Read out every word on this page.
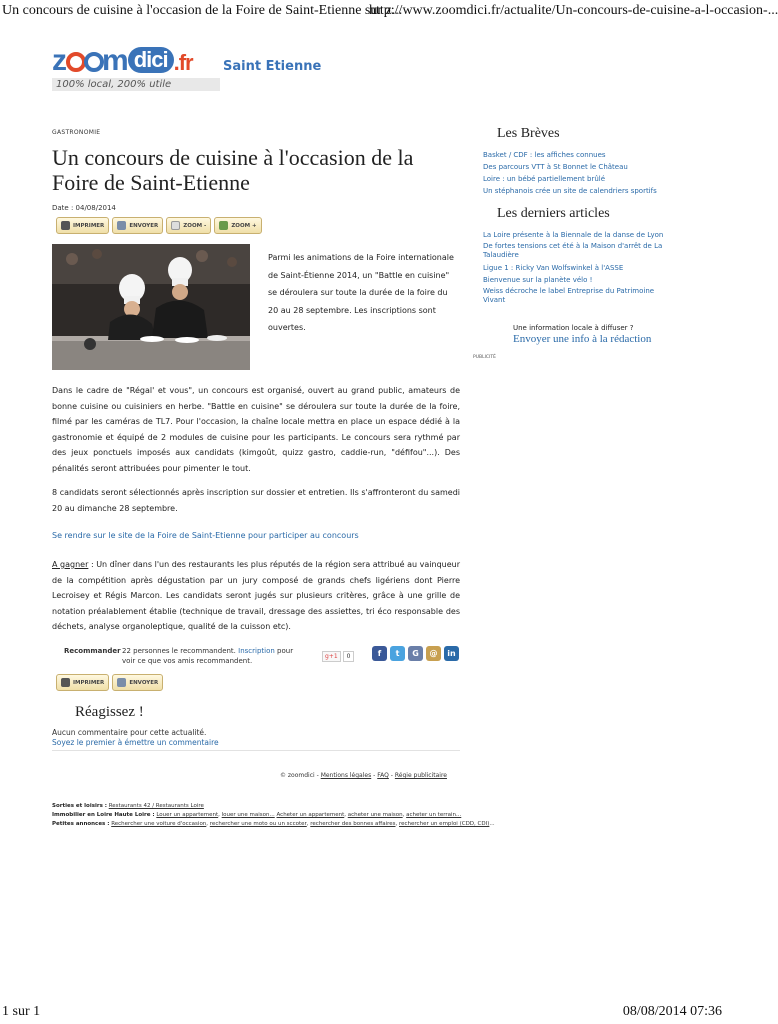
Un concours de cuisine à l'occasion de la Foire de Saint-Etienne sur z...
http://www.zoomdici.fr/actualite/Un-concours-de-cuisine-a-l-occasion-...
z m dici .fr
100% local, 200% utile
Saint Etienne
GASTRONOMIE
Un concours de cuisine à l'occasion de la Foire de Saint-Etienne
Date : 04/08/2014
IMPRIMER	ENVOYER	ZOOM -	ZOOM +
Parmi les animations de la Foire internationale de Saint-Étienne 2014, un "Battle en cuisine" se déroulera sur toute la durée de la foire du 20 au 28 septembre. Les inscriptions sont ouvertes.
Dans le cadre de "Régal' et vous", un concours est organisé, ouvert au grand public, amateurs de bonne cuisine ou cuisiniers en herbe. "Battle en cuisine" se déroulera sur toute la durée de la foire, filmé par les caméras de TL7. Pour l'occasion, la chaîne locale mettra en place un espace dédié à la gastronomie et équipé de 2 modules de cuisine pour les participants. Le concours sera rythmé par des jeux ponctuels imposés aux candidats (kimgoût, quizz gastro, caddie-run, "défifou"...). Des pénalités seront attribuées pour pimenter le tout.
8 candidats seront sélectionnés après inscription sur dossier et entretien. Ils s'affronteront du samedi 20 au dimanche 28 septembre.
Se rendre sur le site de la Foire de Saint-Etienne pour participer au concours
A gagner : Un dîner dans l'un des restaurants les plus réputés de la région sera attribué au vainqueur de la compétition après dégustation par un jury composé de grands chefs ligériens dont Pierre Lecroisey et Régis Marcon. Les candidats seront jugés sur plusieurs critères, grâce à une grille de notation préalablement établie (technique de travail, dressage des assiettes, tri éco responsable des déchets, analyse organoleptique, qualité de la cuisson etc).
Recommander 22 personnes le recommandent. Inscription pour voir ce que vos amis recommandent.
g+1	0	f	t	G	@	in
IMPRIMER	ENVOYER
Réagissez !
Aucun commentaire pour cette actualité.
Soyez le premier à émettre un commentaire
© zoomdici - Mentions légales - FAQ - Régie publicitaire
Sorties et loisirs : Restaurants 42 / Restaurants Loire
Immobilier en Loire Haute Loire : Louer un appartement, louer une maison... Acheter un appartement, acheter une maison, acheter un terrain...
Petites annonces : Rechercher une voiture d'occasion, rechercher une moto ou un sccoter, rechercher des bonnes affaires, rechercher un emploi (CDD, CDI)...
Les Brèves
Basket / CDF : les affiches connues
Des parcours VTT à St Bonnet le Château
Loire : un bébé partiellement brûlé
Un stéphanois crée un site de calendriers sportifs
Les derniers articles
La Loire présente à la Biennale de la danse de Lyon
De fortes tensions cet été à la Maison d'arrêt de La Talaudière
Ligue 1 : Ricky Van Wolfswinkel à l'ASSE
Bienvenue sur la planète vélo !
Weiss décroche le label Entreprise du Patrimoine Vivant
Une information locale à diffuser ?
Envoyer une info à la rédaction
PUBLICITÉ
1 sur 1	08/08/2014 07:36
